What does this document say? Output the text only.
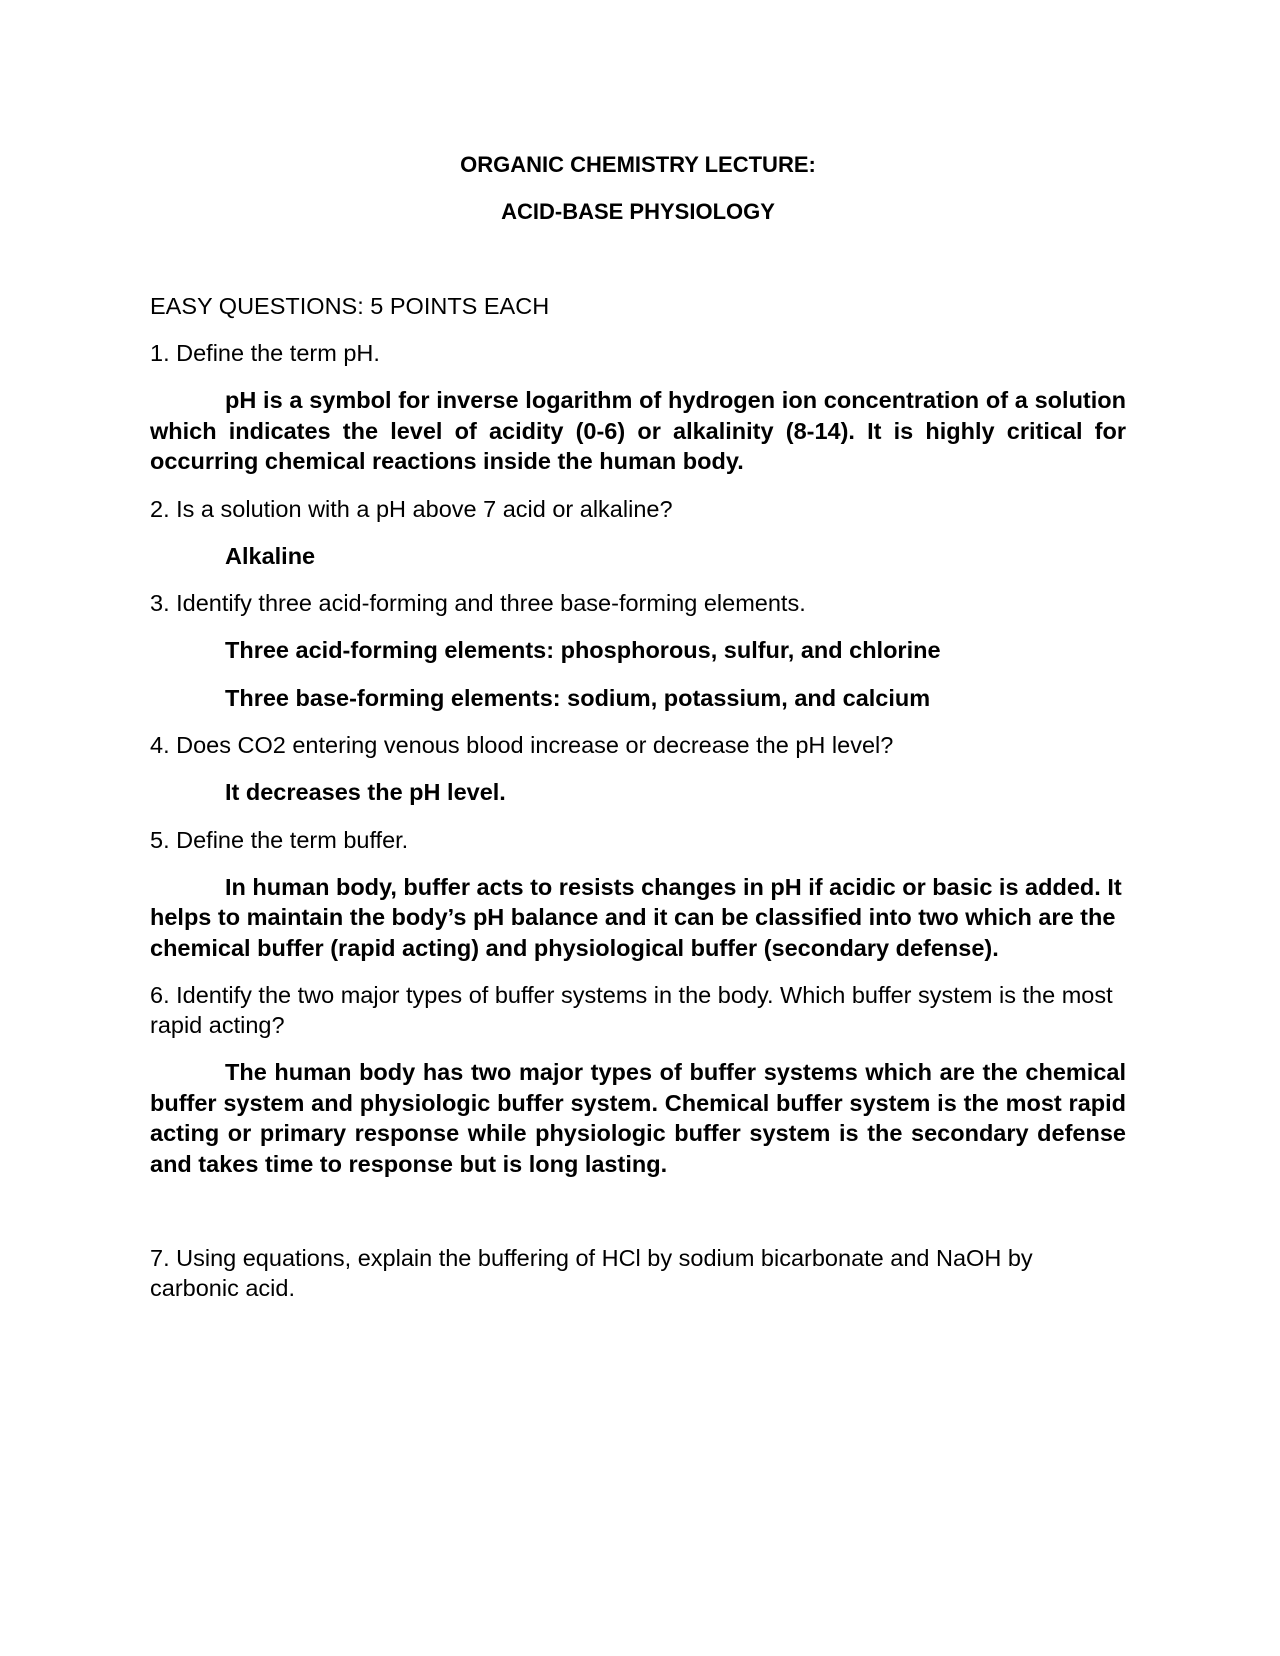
ORGANIC CHEMISTRY LECTURE:
ACID-BASE PHYSIOLOGY
EASY QUESTIONS: 5 POINTS EACH
1. Define the term pH.
pH is a symbol for inverse logarithm of hydrogen ion concentration of a solution which indicates the level of acidity (0-6) or alkalinity (8-14). It is highly critical for occurring chemical reactions inside the human body.
2. Is a solution with a pH above 7 acid or alkaline?
Alkaline
3. Identify three acid-forming and three base-forming elements.
Three acid-forming elements: phosphorous, sulfur, and chlorine
Three base-forming elements: sodium, potassium, and calcium
4. Does CO2 entering venous blood increase or decrease the pH level?
It decreases the pH level.
5. Define the term buffer.
In human body, buffer acts to resists changes in pH if acidic or basic is added. It helps to maintain the body’s pH balance and it can be classified into two which are the chemical buffer (rapid acting) and physiological buffer (secondary defense).
6. Identify the two major types of buffer systems in the body. Which buffer system is the most rapid acting?
The human body has two major types of buffer systems which are the chemical buffer system and physiologic buffer system. Chemical buffer system is the most rapid acting or primary response while physiologic buffer system is the secondary defense and takes time to response but is long lasting.
7. Using equations, explain the buffering of HCl by sodium bicarbonate and NaOH by carbonic acid.
